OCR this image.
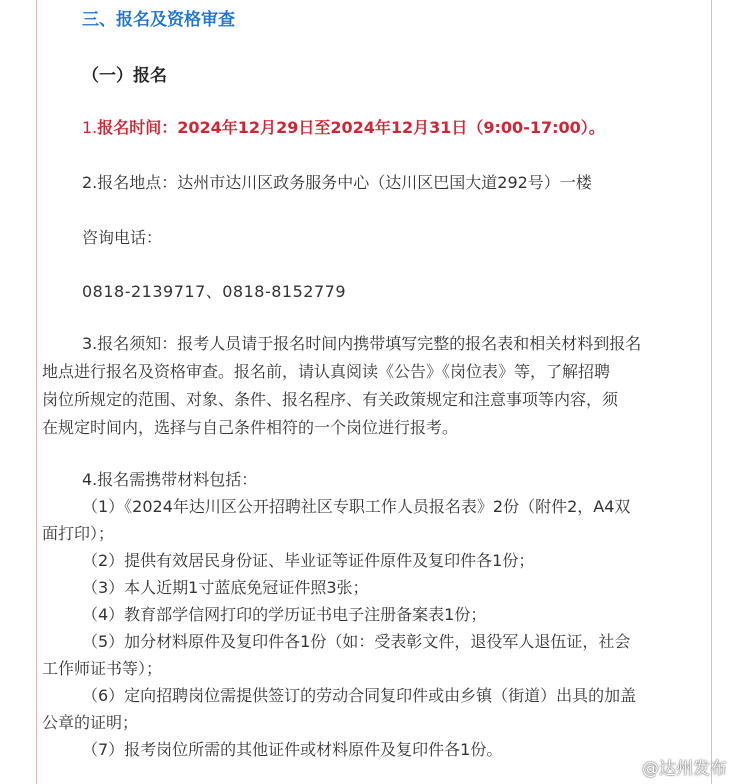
三、报名及资格审查
（一）报名
1.报名时间：2024年12月29日至2024年12月31日（9:00-17:00）。
2.报名地点：达州市达川区政务服务中心（达川区巴国大道292号）一楼
咨询电话：
0818-2139717、0818-8152779
3.报名须知：报考人员请于报名时间内携带填写完整的报名表和相关材料到报名
地点进行报名及资格审查。报名前，请认真阅读《公告》《岗位表》等，了解招聘
岗位所规定的范围、对象、条件、报名程序、有关政策规定和注意事项等内容，须
在规定时间内，选择与自己条件相符的一个岗位进行报考。
4.报名需携带材料包括：
（1）《2024年达川区公开招聘社区专职工作人员报名表》2份（附件2，A4双
面打印）；
（2）提供有效居民身份证、毕业证等证件原件及复印件各1份；
（3）本人近期1寸蓝底免冠证件照3张；
（4）教育部学信网打印的学历证书电子注册备案表1份；
（5）加分材料原件及复印件各1份（如：受表彰文件，退役军人退伍证，社会
工作师证书等）；
（6）定向招聘岗位需提供签订的劳动合同复印件或由乡镇（街道）出具的加盖
公章的证明；
（7）报考岗位所需的其他证件或材料原件及复印件各1份。
@达州发布
